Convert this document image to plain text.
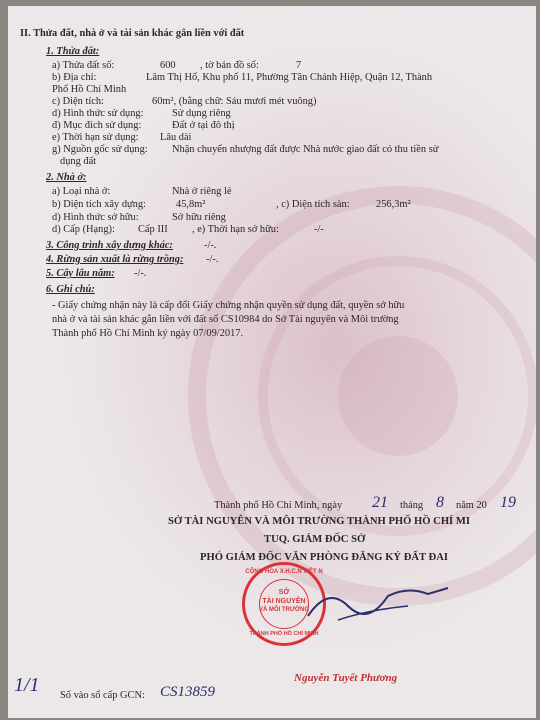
II. Thửa đất, nhà ở và tài sản khác gắn liền với đất
1. Thửa đất:
a) Thửa đất số:	600 , tờ bản đồ số:	7
b) Địa chỉ:	Lâm Thị Hố, Khu phố 11, Phường Tân Chánh Hiệp, Quận 12, Thành
Phố Hồ Chí Minh
c) Diện tích:	60m², (bằng chữ: Sáu mươi mét vuông)
d) Hình thức sử dụng:	Sử dụng riêng
đ) Mục đích sử dụng:	Đất ở tại đô thị
e) Thời hạn sử dụng: Lâu dài
g) Nguồn gốc sử dụng: Nhận chuyển nhượng đất được Nhà nước giao đất có thu tiền sử
dụng đất
2. Nhà ở:
a) Loại nhà ở:	Nhà ở riêng lẻ
b) Diện tích xây dựng:	45,8m²	, c) Diện tích sàn:	256,3m²
d) Hình thức sở hữu:	Sở hữu riêng
d) Cấp (Hạng): Cấp III , e) Thời hạn sở hữu:	-/-
3. Công trình xây dựng khác:	-/-.
4. Rừng sản xuất là rừng trồng: -/-.
5. Cây lâu năm: -/-.
6. Ghi chú:
- Giấy chứng nhận này là cấp đổi Giấy chứng nhận quyền sử dụng đất, quyền sở hữu
nhà ở và tài sản khác gắn liền với đất số CS10984 do Sở Tài nguyên và Môi trường
Thành phố Hồ Chí Minh ký ngày 07/09/2017.
Thành phố Hồ Chí Minh, ngày 21 tháng 8 năm 20 19
SỞ TÀI NGUYÊN VÀ MÔI TRƯỜNG THÀNH PHỐ HỒ CHÍ MI
TUQ. GIÁM ĐỐC SỞ
PHÓ GIÁM ĐỐC VĂN PHÒNG ĐĂNG KÝ ĐẤT ĐAI
CỘNG HÒA X.H.C.N VIỆT N
SỞ
TÀI NGUYÊN
VÀ MÔI TRƯỜNG
THÀNH PHỐ HỒ CHÍ MINH
Nguyễn Tuyết Phương
Số vào sổ cấp GCN: CS13859
1/1
